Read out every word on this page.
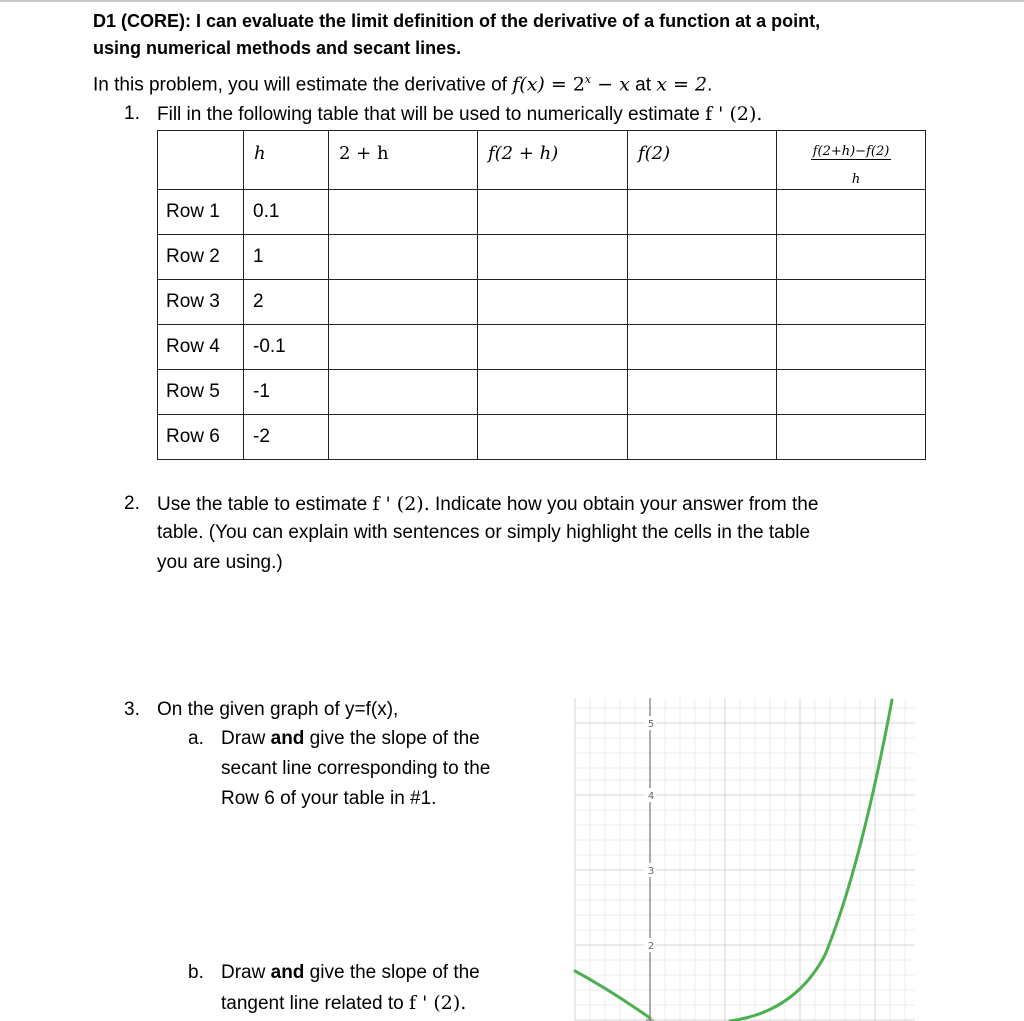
D1 (CORE): I can evaluate the limit definition of the derivative of a function at a point,

using numerical methods and secant lines.

In this problem, you will estimate the derivative of $f(x) = 2^x - x$ at x = 2.

1. Fill in the following table that will be used to numerically estimate f ' (2).

	h	2 + h	f(2 + h)	f(2)	f(2+h)−f(2)
h

Row 1	0.1				
Row 2	1				
Row 3	2				
Row 4	-0.1				
Row 5	-1				
Row 6	-2				

2. Use the table to estimate f ' (2). Indicate how you obtain your answer from the

table. (You can explain with sentences or simply highlight the cells in the table

you are using.)

3. On the given graph of y=f(x),

a. Draw and give the slope of the

secant line corresponding to the

Row 6 of your table in #1.

b. Draw and give the slope of the

tangent line related to f ' (2).

5
4
3
2
